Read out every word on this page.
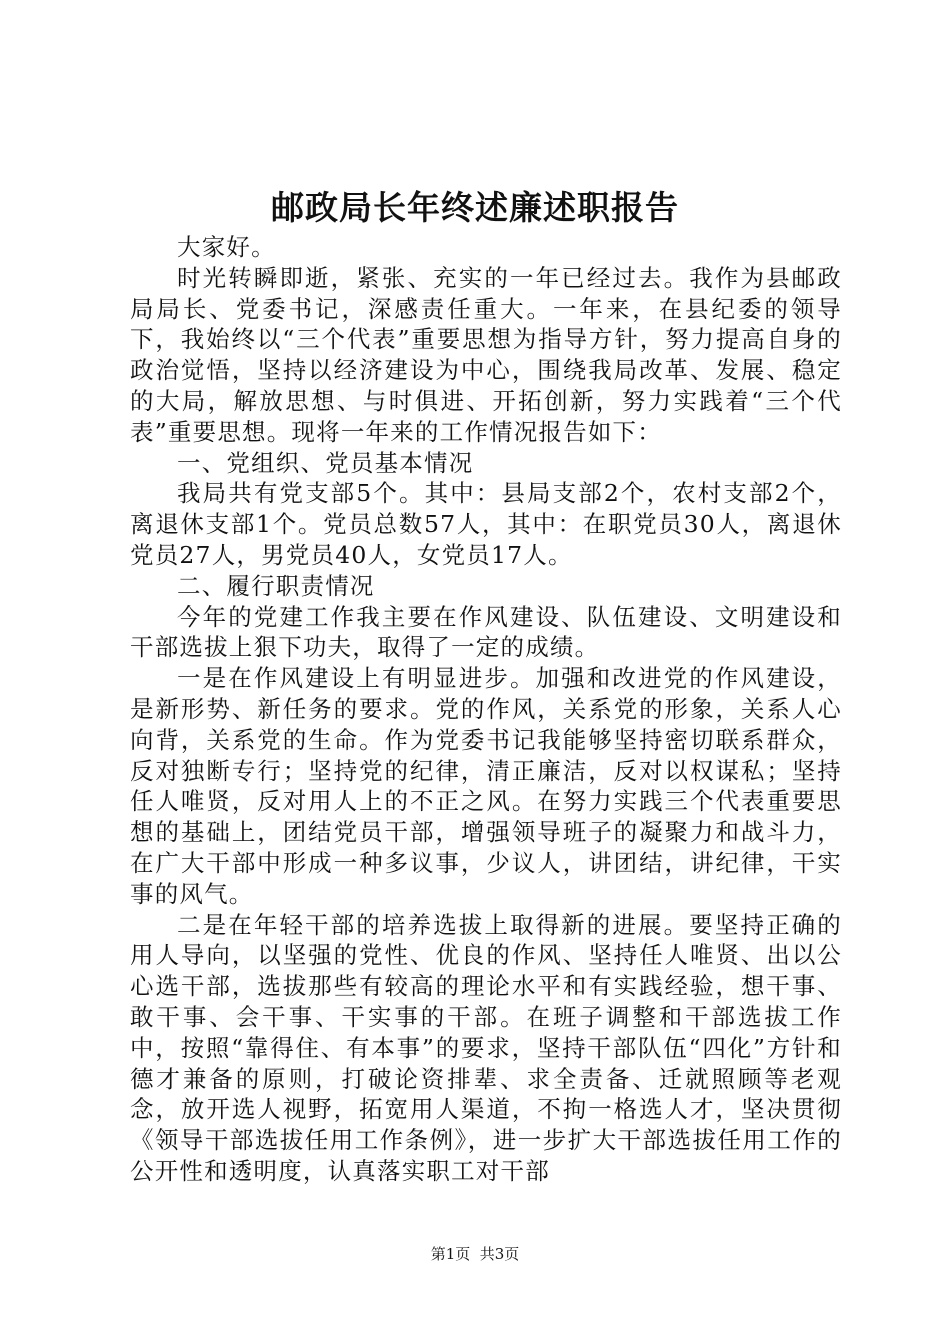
邮政局长年终述廉述职报告

大家好。

时光转瞬即逝，紧张、充实的一年已经过去。我作为县邮政局局长、党委书记，深感责任重大。一年来，在县纪委的领导下，我始终以“三个代表”重要思想为指导方针，努力提高自身的政治觉悟，坚持以经济建设为中心，围绕我局改革、发展、稳定的大局，解放思想、与时俱进、开拓创新，努力实践着“三个代表”重要思想。现将一年来的工作情况报告如下：

一、党组织、党员基本情况

我局共有党支部5个。其中：县局支部2个，农村支部2个，离退休支部1个。党员总数57人，其中：在职党员30人，离退休党员27人，男党员40人，女党员17人。

二、履行职责情况

今年的党建工作我主要在作风建设、队伍建设、文明建设和干部选拔上狠下功夫，取得了一定的成绩。

一是在作风建设上有明显进步。加强和改进党的作风建设，是新形势、新任务的要求。党的作风，关系党的形象，关系人心向背，关系党的生命。作为党委书记我能够坚持密切联系群众，反对独断专行；坚持党的纪律，清正廉洁，反对以权谋私；坚持任人唯贤，反对用人上的不正之风。在努力实践三个代表重要思想的基础上，团结党员干部，增强领导班子的凝聚力和战斗力，在广大干部中形成一种多议事，少议人，讲团结，讲纪律，干实事的风气。

二是在年轻干部的培养选拔上取得新的进展。要坚持正确的用人导向，以坚强的党性、优良的作风、坚持任人唯贤、出以公心选干部，选拔那些有较高的理论水平和有实践经验，想干事、敢干事、会干事、干实事的干部。在班子调整和干部选拔工作中，按照“靠得住、有本事”的要求，坚持干部队伍“四化”方针和德才兼备的原则，打破论资排辈、求全责备、迁就照顾等老观念，放开选人视野，拓宽用人渠道，不拘一格选人才，坚决贯彻《领导干部选拔任用工作条例》，进一步扩大干部选拔任用工作的公开性和透明度，认真落实职工对干部

第1页  共3页
